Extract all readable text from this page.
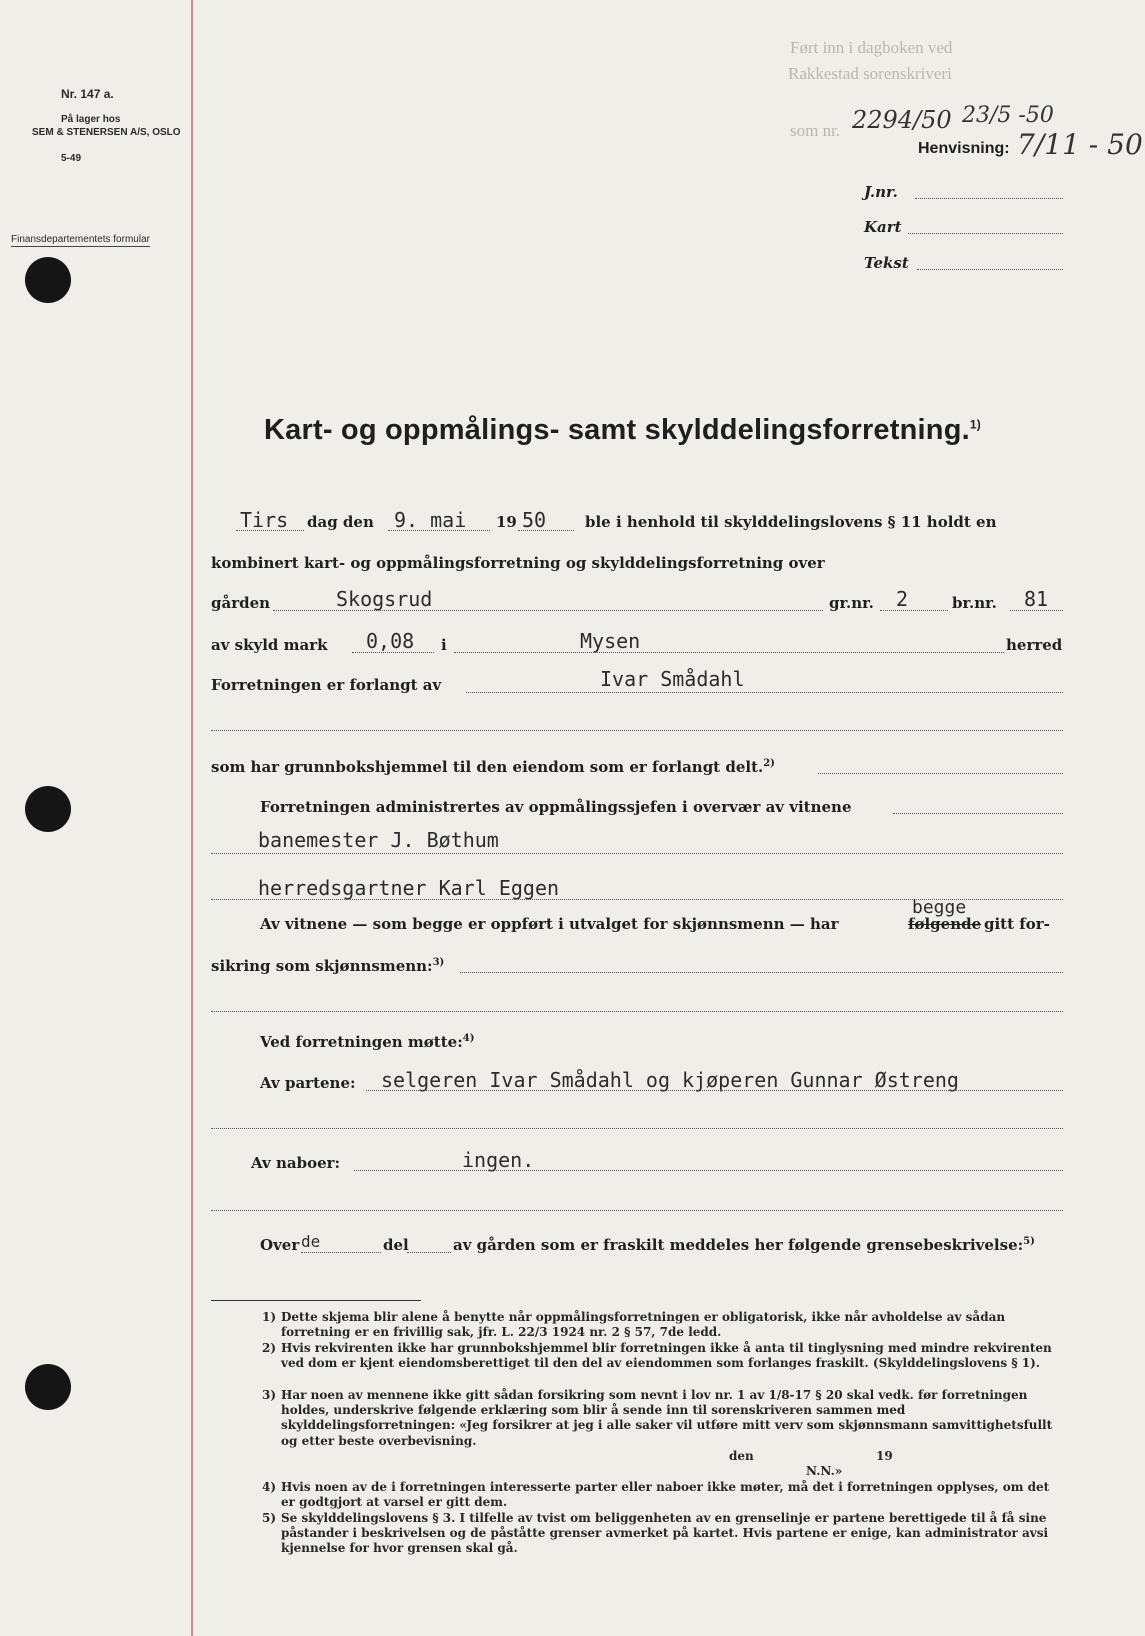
Nr. 147 a.
På lager hos
SEM & STENERSEN A/S, OSLO
5-49
Finansdepartementets formular
Ført inn i dagboken ved
Rakkestad sorenskriveri
som nr. 2294/50 23/5 -50
Henvisning: 7/11 - 50
J.nr.
Kart
Tekst
Kart- og oppmålings- samt skylddelingsforretning.$^{1)}$
Tirs dag den 9. mai 19 50	ble i henhold til skylddelingslovens § 11 holdt en
kombinert kart- og oppmålingsforretning og skylddelingsforretning over
gården	Skogsrud	gr.nr. 2	br.nr. 81
av skyld mark 0,08 i	Mysen	herred
Forretningen er forlangt av	Ivar Smådahl
som har grunnbokshjemmel til den eiendom som er forlangt delt.$^{2)}$
Forretningen administrertes av oppmålingssjefen i overvær av vitnene
banemester J. Bøthum
herredsgartner Karl Eggen
Av vitnene — som begge er oppført i utvalget for skjønnsmenn — har
begge
følgende gitt for-
sikring som skjønnsmenn:$^{3)}$
Ved forretningen møtte:$^{4)}$
Av partene: selgeren Ivar Smådahl og kjøperen Gunnar Østreng
Av naboer:	ingen.
Over de	del	av gården som er fraskilt meddeles her følgende grensebeskrivelse:$^{5)}$
1) Dette skjema blir alene å benytte når oppmålingsforretningen er obligatorisk, ikke når avholdelse av sådan forretning er en frivillig sak, jfr. L. 22/3 1924 nr. 2 § 57, 7de ledd.
2) Hvis rekvirenten ikke har grunnbokshjemmel blir forretningen ikke å anta til tinglysning med mindre rekvirenten ved dom er kjent eiendomsberettiget til den del av eiendommen som forlanges fraskilt. (Skylddelingslovens § 1).
3) Har noen av mennene ikke gitt sådan forsikring som nevnt i lov nr. 1 av 1/8-17 § 20 skal vedk. før forretningen holdes, underskrive følgende erklæring som blir å sende inn til sorenskriveren sammen med skylddelingsforretningen: «Jeg forsikrer at jeg i alle saker vil utføre mitt verv som skjønnsmann samvittighetsfullt og etter beste overbevisning.
den	19
N.N.»
4) Hvis noen av de i forretningen interesserte parter eller naboer ikke møter, må det i forretningen opplyses, om det er godtgjort at varsel er gitt dem.
5) Se skylddelingslovens § 3. I tilfelle av tvist om beliggenheten av en grenselinje er partene berettigede til å få sine påstander i beskrivelsen og de påståtte grenser avmerket på kartet. Hvis partene er enige, kan administrator avsi kjennelse for hvor grensen skal gå.
